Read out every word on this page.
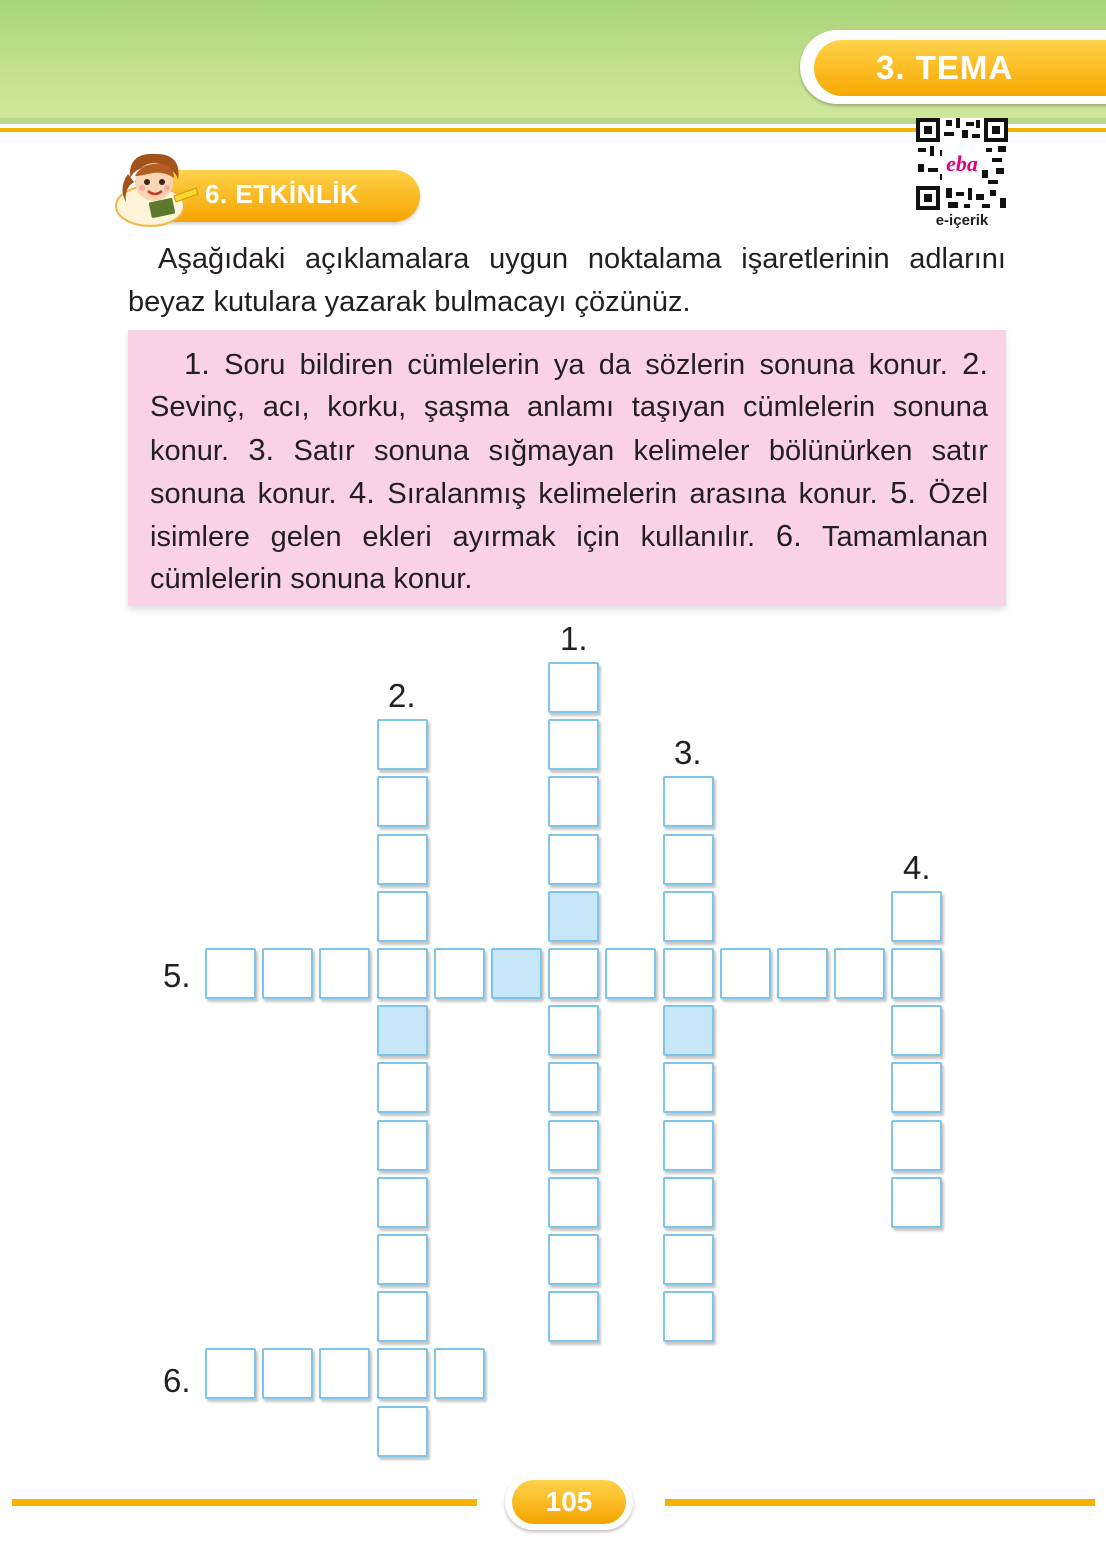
3. TEMA
eba
e-içerik
6. ETKİNLİK
Aşağıdaki açıklamalara uygun noktalama işaretlerinin adlarını beyaz kutulara yazarak bulmacayı çözünüz.
1. Soru bildiren cümlelerin ya da sözlerin sonuna konur. 2. Sevinç, acı, korku, şaşma anlamı taşıyan cümlelerin sonuna konur. 3. Satır sonuna sığmayan kelimeler bölünürken satır sonuna konur. 4. Sıralanmış kelimelerin arasına konur. 5. Özel isimlere gelen ekleri ayırmak için kullanılır. 6. Tamamlanan cümlelerin sonuna konur.
1.
2.
3.
4.
5.
6.
105
